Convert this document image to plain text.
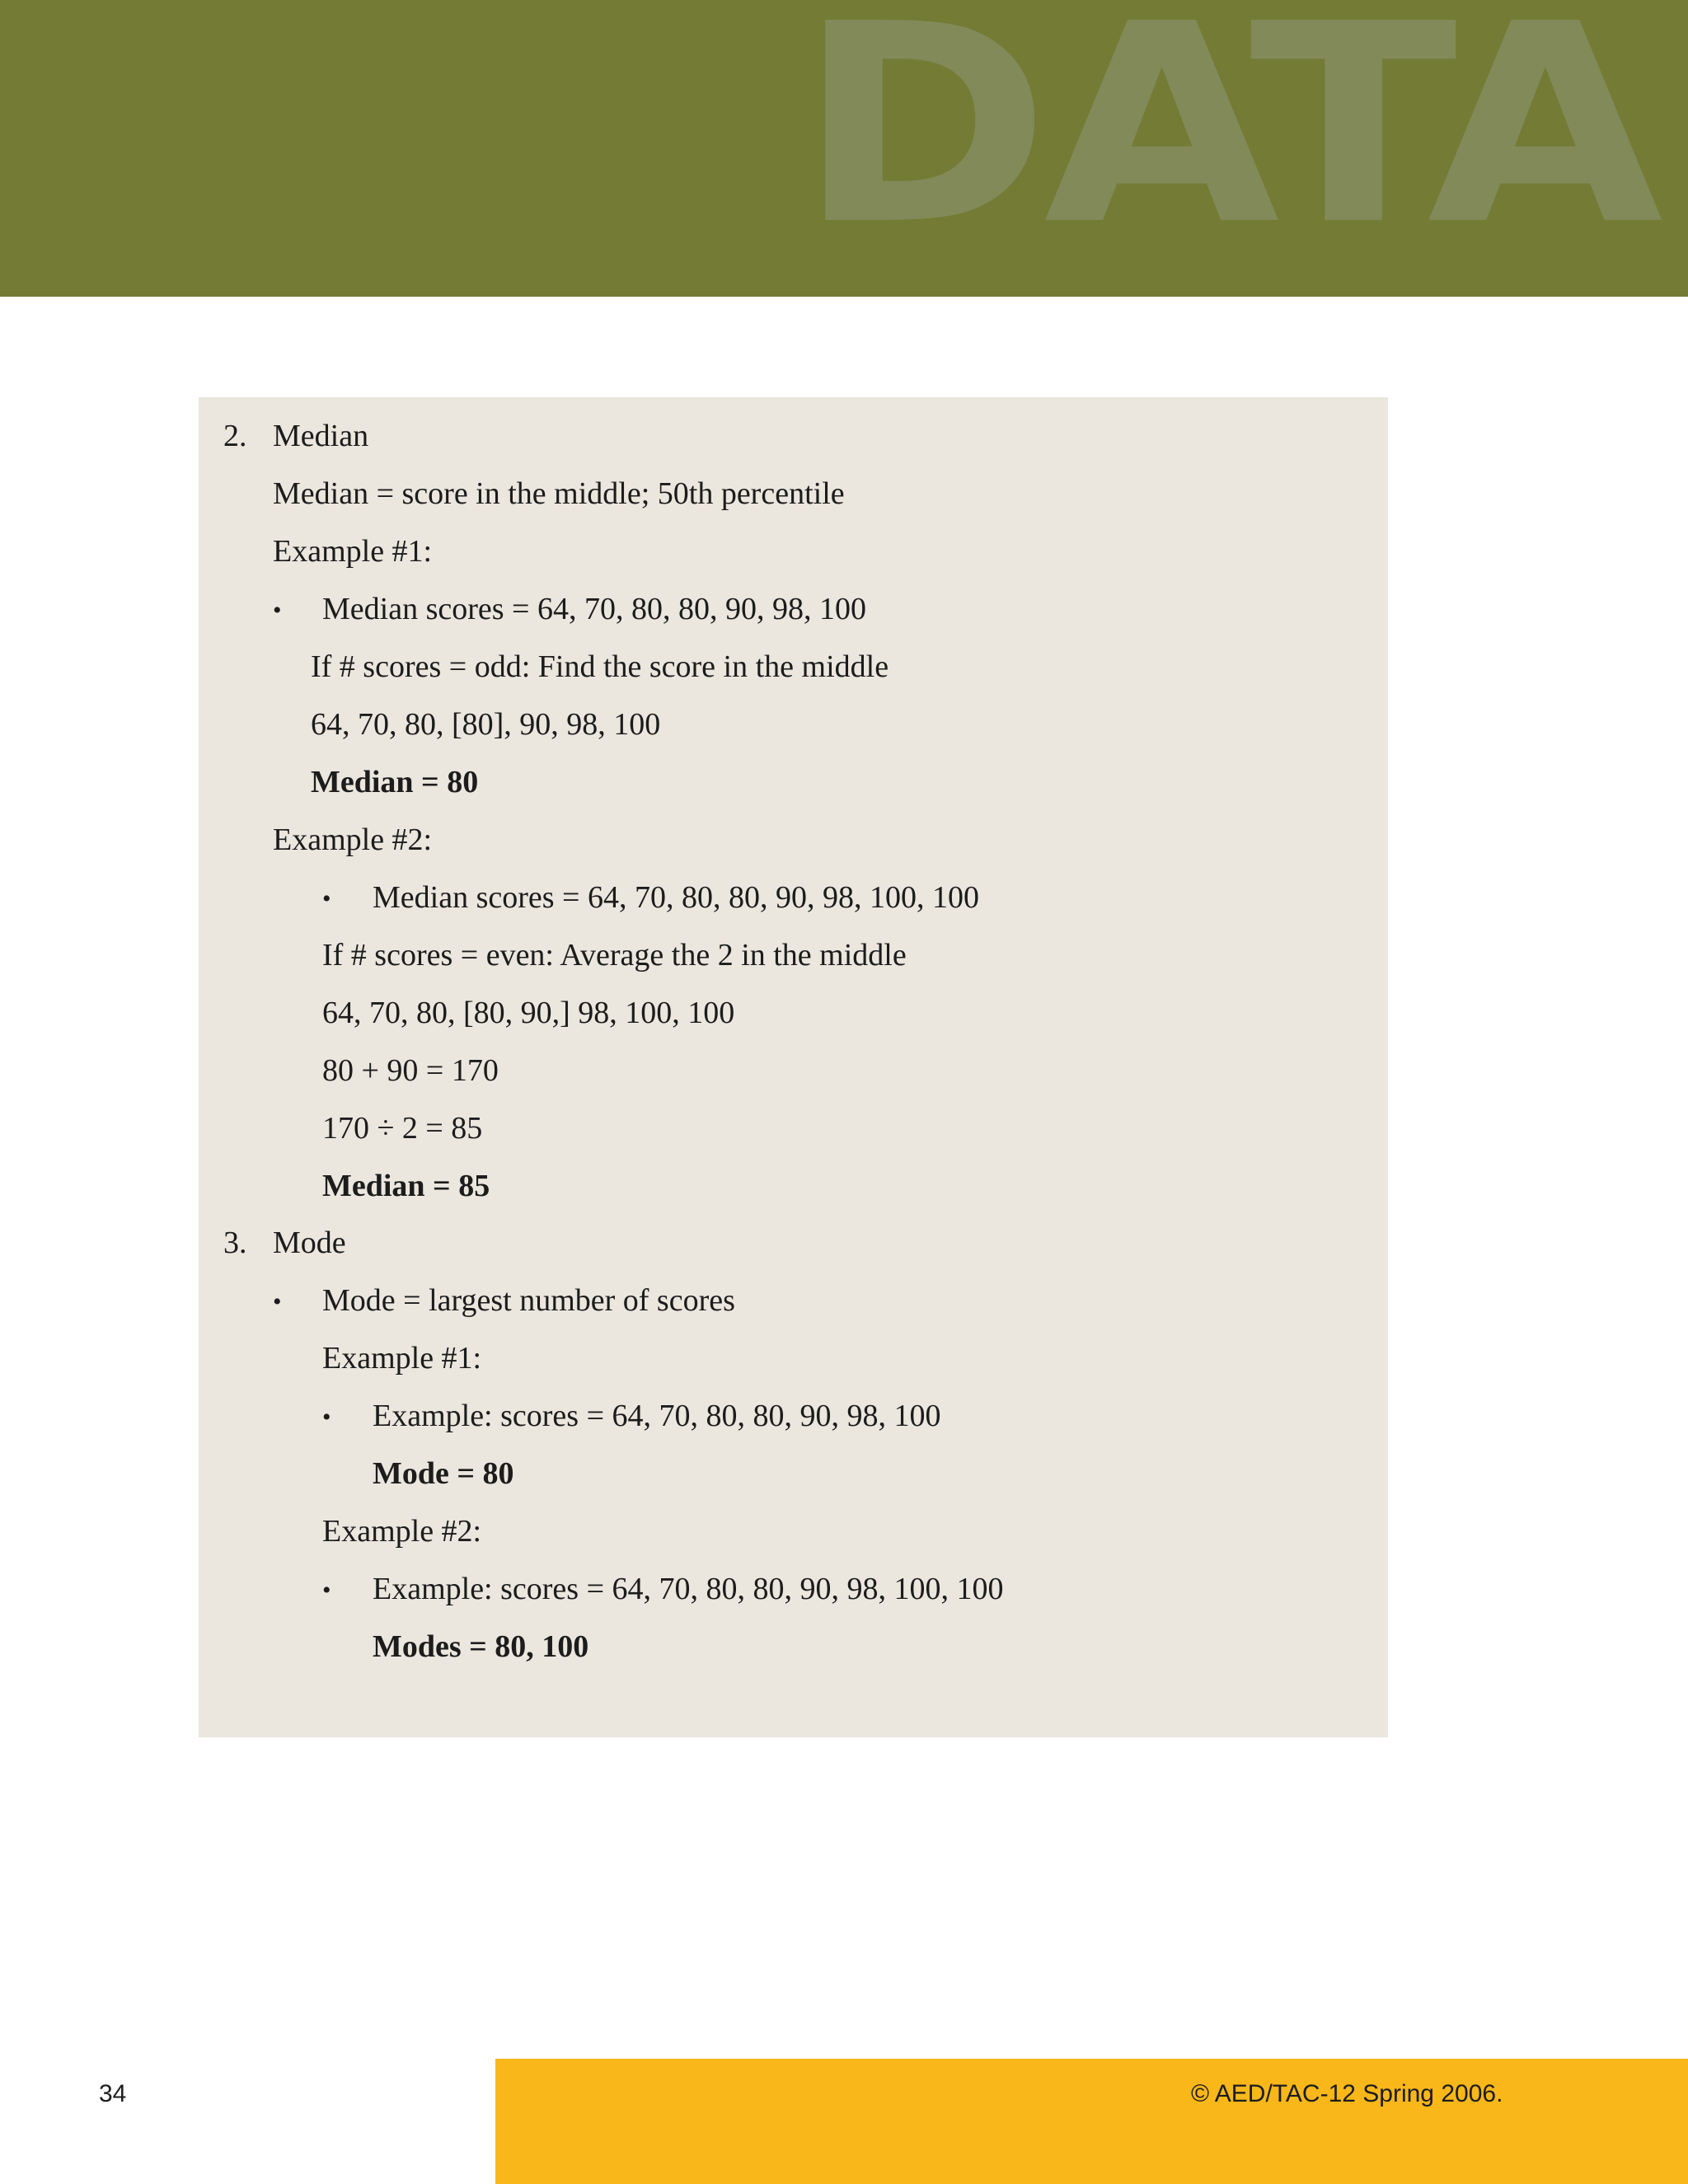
DATA
2. Median
Median = score in the middle; 50th percentile
Example #1:
• Median scores = 64, 70, 80, 80, 90, 98, 100
If # scores = odd: Find the score in the middle
64, 70, 80, [80], 90, 98, 100
Median = 80
Example #2:
• Median scores = 64, 70, 80, 80, 90, 98, 100, 100
If # scores = even: Average the 2 in the middle
64, 70, 80, [80, 90,] 98, 100, 100
80 + 90 = 170
170 ÷ 2 = 85
Median = 85
3. Mode
• Mode = largest number of scores
Example #1:
• Example: scores = 64, 70, 80, 80, 90, 98, 100
Mode = 80
Example #2:
• Example: scores = 64, 70, 80, 80, 90, 98, 100, 100
Modes = 80, 100
34	© AED/TAC-12 Spring 2006.
